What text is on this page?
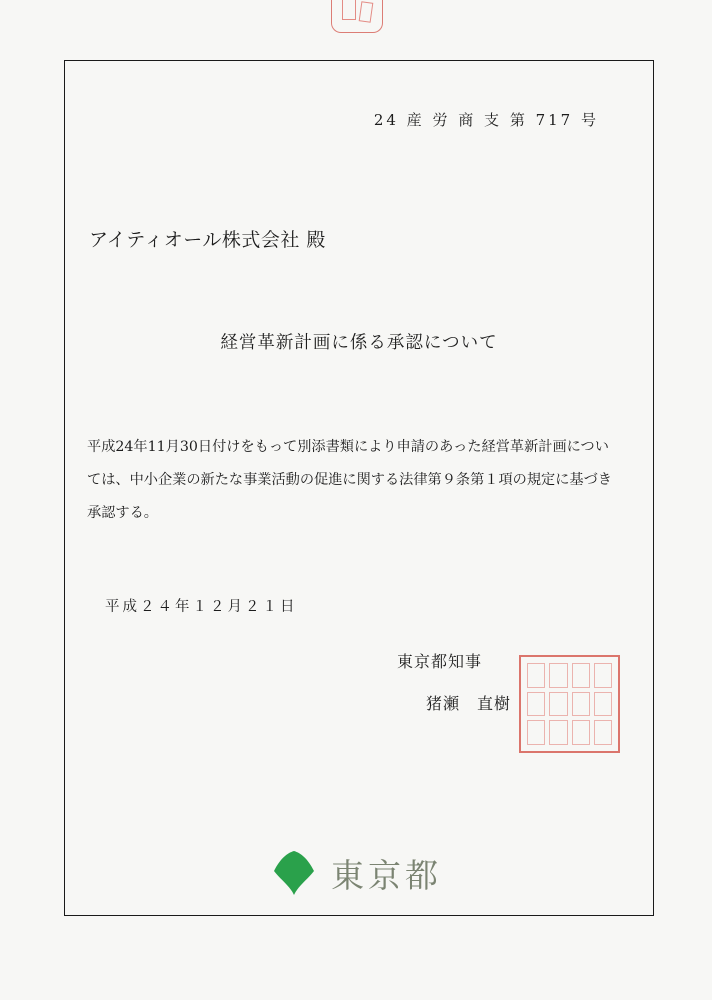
24 産 労 商 支 第 717 号
アイティオール株式会社 殿
経営革新計画に係る承認について

平成24年11月30日付けをもって別添書類により申請のあった経営革新計画については、中小企業の新たな事業活動の促進に関する法律第９条第１項の規定に基づき承認する。

平成２４年１２月２１日
東京都知事
猪瀬　直樹
東京都
